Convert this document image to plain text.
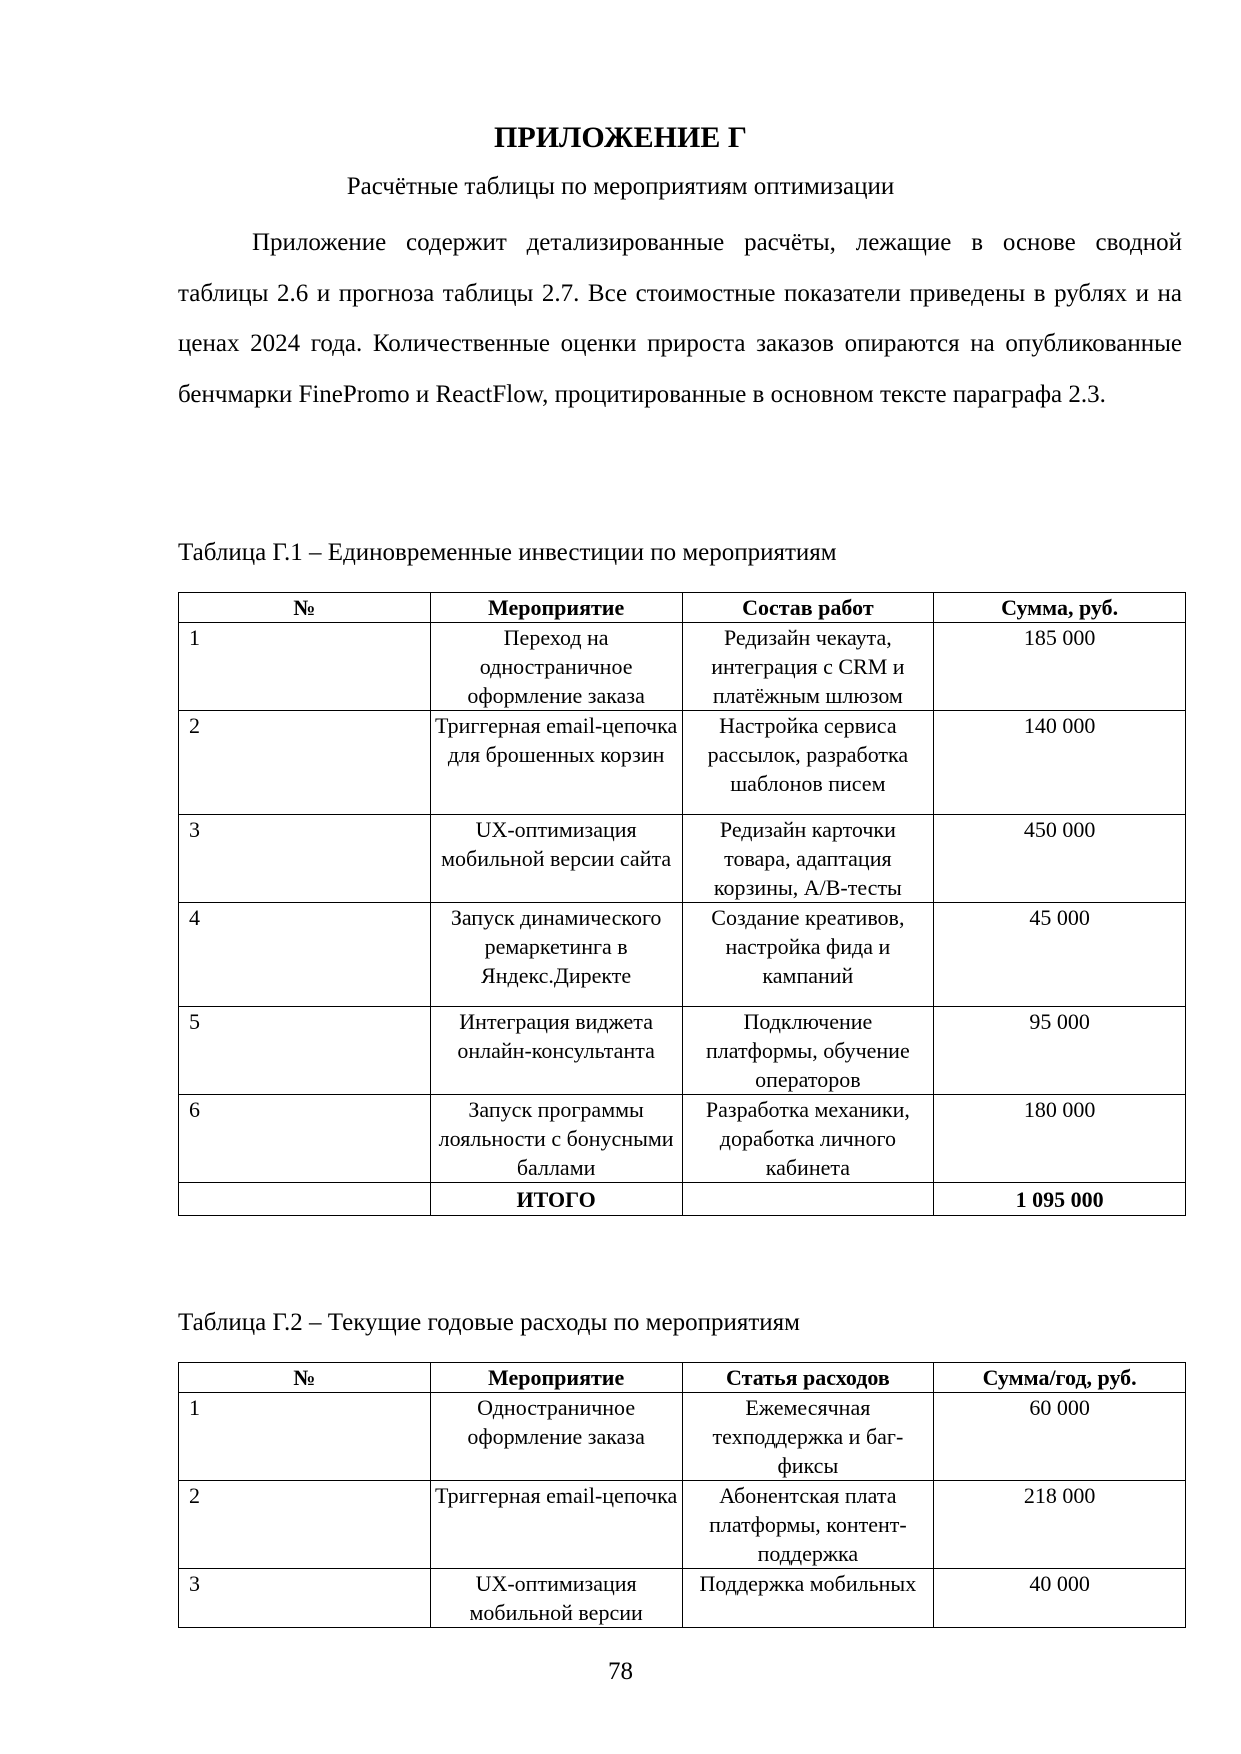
ПРИЛОЖЕНИЕ Г
Расчётные таблицы по мероприятиям оптимизации

Приложение содержит детализированные расчёты, лежащие в основе сводной таблицы 2.6 и прогноза таблицы 2.7. Все стоимостные показатели приведены в рублях и на ценах 2024 года. Количественные оценки прироста заказов опираются на опубликованные бенчмарки FinePromo и ReactFlow, процитированные в основном тексте параграфа 2.3.

Таблица Г.1 – Единовременные инвестиции по мероприятиям

№	Мероприятие	Состав работ	Сумма, руб.
1	Переход на одностраничное оформление заказа	Редизайн чекаута, интеграция с CRM и платёжным шлюзом	185 000
2	Триггерная email-цепочка для брошенных корзин	Настройка сервиса рассылок, разработка шаблонов писем	140 000
3	UX-оптимизация мобильной версии сайта	Редизайн карточки товара, адаптация корзины, A/B-тесты	450 000
4	Запуск динамического ремаркетинга в Яндекс.Директе	Создание креативов, настройка фида и кампаний	45 000
5	Интеграция виджета онлайн-консультанта	Подключение платформы, обучение операторов	95 000
6	Запуск программы лояльности с бонусными баллами	Разработка механики, доработка личного кабинета	180 000
	ИТОГО		1 095 000

Таблица Г.2 – Текущие годовые расходы по мероприятиям

№	Мероприятие	Статья расходов	Сумма/год, руб.
1	Одностраничное оформление заказа	Ежемесячная техподдержка и баг-фиксы	60 000
2	Триггерная email-цепочка	Абонентская плата платформы, контент-поддержка	218 000
3	UX-оптимизация мобильной версии	Поддержка мобильных	40 000
78
